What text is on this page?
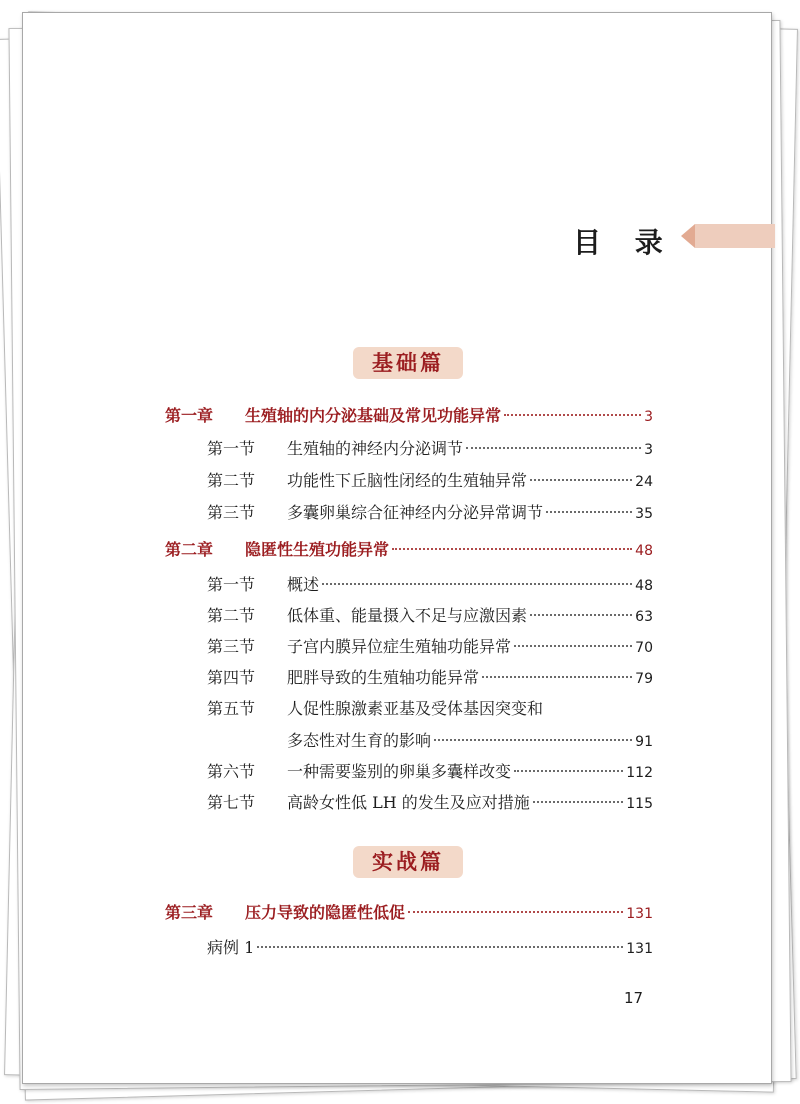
目 录
基础篇
第一章	生殖轴的内分泌基础及常见功能异常	3
第一节	生殖轴的神经内分泌调节	3
第二节	功能性下丘脑性闭经的生殖轴异常	24
第三节	多囊卵巢综合征神经内分泌异常调节	35
第二章	隐匿性生殖功能异常	48
第一节	概述	48
第二节	低体重、能量摄入不足与应激因素	63
第三节	子宫内膜异位症生殖轴功能异常	70
第四节	肥胖导致的生殖轴功能异常	79
第五节	人促性腺激素亚基及受体基因突变和
多态性对生育的影响	91
第六节	一种需要鉴别的卵巢多囊样改变	112
第七节	高龄女性低 LH 的发生及应对措施	115
实战篇
第三章	压力导致的隐匿性低促	131
病例 1	131
17
